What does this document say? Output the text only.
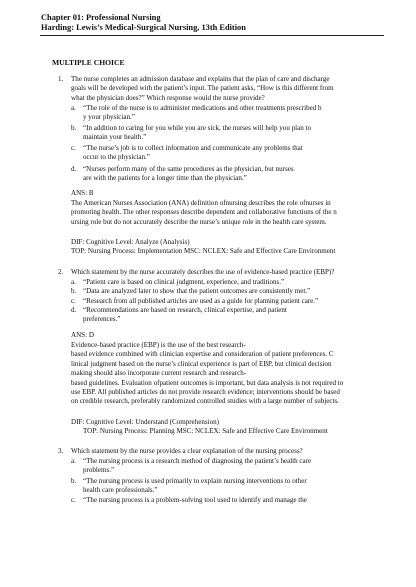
Chapter 01: Professional Nursing
Harding: Lewis’s Medical-Surgical Nursing, 13th Edition
MULTIPLE CHOICE
1. The nurse completes an admission database and explains that the plan of care and discharge
goals will be developed with the patient’s input. The patient asks, “How is this different from
what the physician does?” Which response would the nurse provide?
a. “The role of the nurse is to administer medications and other treatments prescribed b
y your physician.”
b. “In addition to caring for you while you are sick, the nurses will help you plan to
maintain your health.”
c. “The nurse’s job is to collect information and communicate any problems that
occur to the physician.”
d. “Nurses perform many of the same procedures as the physician, but nurses
are with the patients for a longer time than the physician.”
ANS: B
The American Nurses Association (ANA) definition ofnursing describes the role ofnurses in
promoting health. The other responses describe dependent and collaborative functions of the n
ursing role but do not accurately describe the nurse’s unique role in the health care system.
DIF: Cognitive Level: Analyze (Analysis)
TOP: Nursing Process: Implementation MSC: NCLEX: Safe and Effective Care Environment
2. Which statement by the nurse accurately describes the use of evidence-based practice (EBP)?
a. “Patient care is based on clinical judgment, experience, and traditions.”
b. “Data are analyzed later to show that the patient outcomes are consistently met.”
c. “Research from all published articles are used as a guide for planning patient care.”
d. “Recommendations are based on research, clinical expertise, and patient
preferences.”
ANS: D
Evidence-based practice (EBP) is the use of the best research-
based evidence combined with clinician expertise and consideration of patient preferences. C
linical judgment based on the nurse’s clinical experience is part of EBP, but clinical decision
making should also incorporate current research and research-
based guidelines. Evaluation ofpatient outcomes is important, but data analysis is not required to
use EBP. All published articles do not provide research evidence; interventions should be based
on credible research, preferably randomized controlled studies with a large number of subjects.
DIF: Cognitive Level: Understand (Comprehension)
TOP: Nursing Process: Planning MSC: NCLEX: Safe and Effective Care Environment
3. Which statement by the nurse provides a clear explanation of the nursing process?
a. “The nursing process is a research method of diagnosing the patient’s health care
problems.”
b. “The nursing process is used primarily to explain nursing interventions to other
health care professionals.”
c. “The nursing process is a problem-solving tool used to identify and manage the
